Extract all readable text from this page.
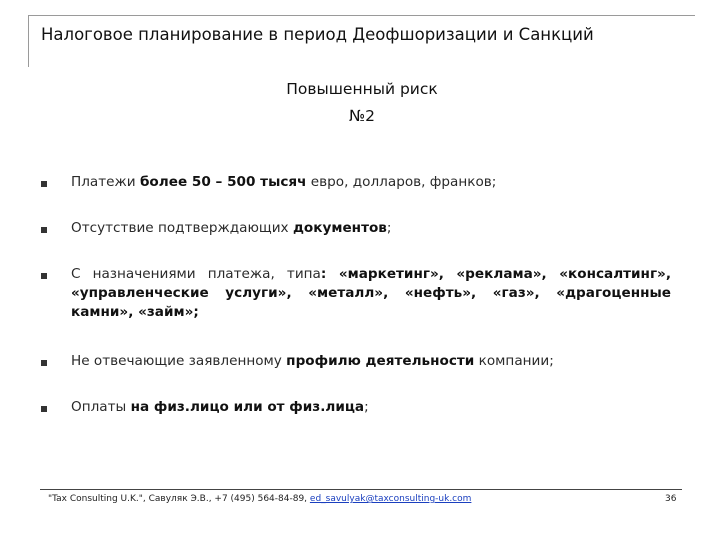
Налоговое планирование в период Деофшоризации и Санкций
Повышенный риск
№2
Платежи более 50 – 500 тысяч евро, долларов, франков;
Отсутствие подтверждающих документов;
С назначениями платежа, типа: «маркетинг», «реклама», «консалтинг», «управленческие услуги», «металл», «нефть», «газ», «драгоценные камни», «займ»;
Не отвечающие заявленному профилю деятельности компании;
Оплаты на физ.лицо или от физ.лица;
"Tax Consulting U.K.", Савуляк Э.В., +7 (495) 564-84-89, ed_savulyak@taxconsulting-uk.com	36
